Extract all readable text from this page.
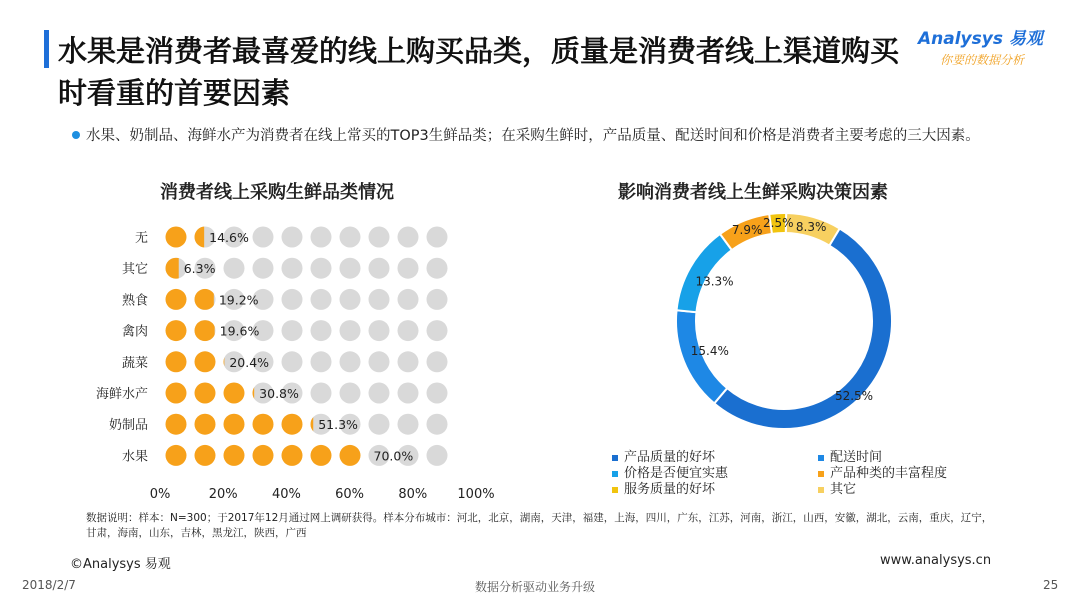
水果是消费者最喜爱的线上购买品类，质量是消费者线上渠道购买时看重的首要因素
Analysys 易观
你要的数据分析
水果、奶制品、海鲜水产为消费者在线上常买的TOP3生鲜品类；在采购生鲜时，产品质量、配送时间和价格是消费者主要考虑的三大因素。
消费者线上采购生鲜品类情况	影响消费者线上生鲜采购决策因素
无	14.6%
其它	6.3%
熟食	19.2%
禽肉	19.6%
蔬菜	20.4%
海鲜水产	30.8%
奶制品	51.3%
水果	70.0%
0%	20%	40%	60%	80% 100%
8.3%
52.5%
15.4%
13.3%
7.9%
2.5%
产品质量的好坏	配送时间
价格是否便宜实惠	产品种类的丰富程度
服务质量的好坏	其它
数据说明：样本：N=300；于2017年12月通过网上调研获得。样本分布城市：河北，北京，湖南，天津，福建，上海，四川，广东，江苏，河南，浙江，山西，安徽，湖北，云南，重庆，辽宁，甘肃，海南，山东，吉林，黑龙江，陕西，广西
©Analysys 易观	www.analysys.cn
2018/2/7	数据分析驱动业务升级	25
